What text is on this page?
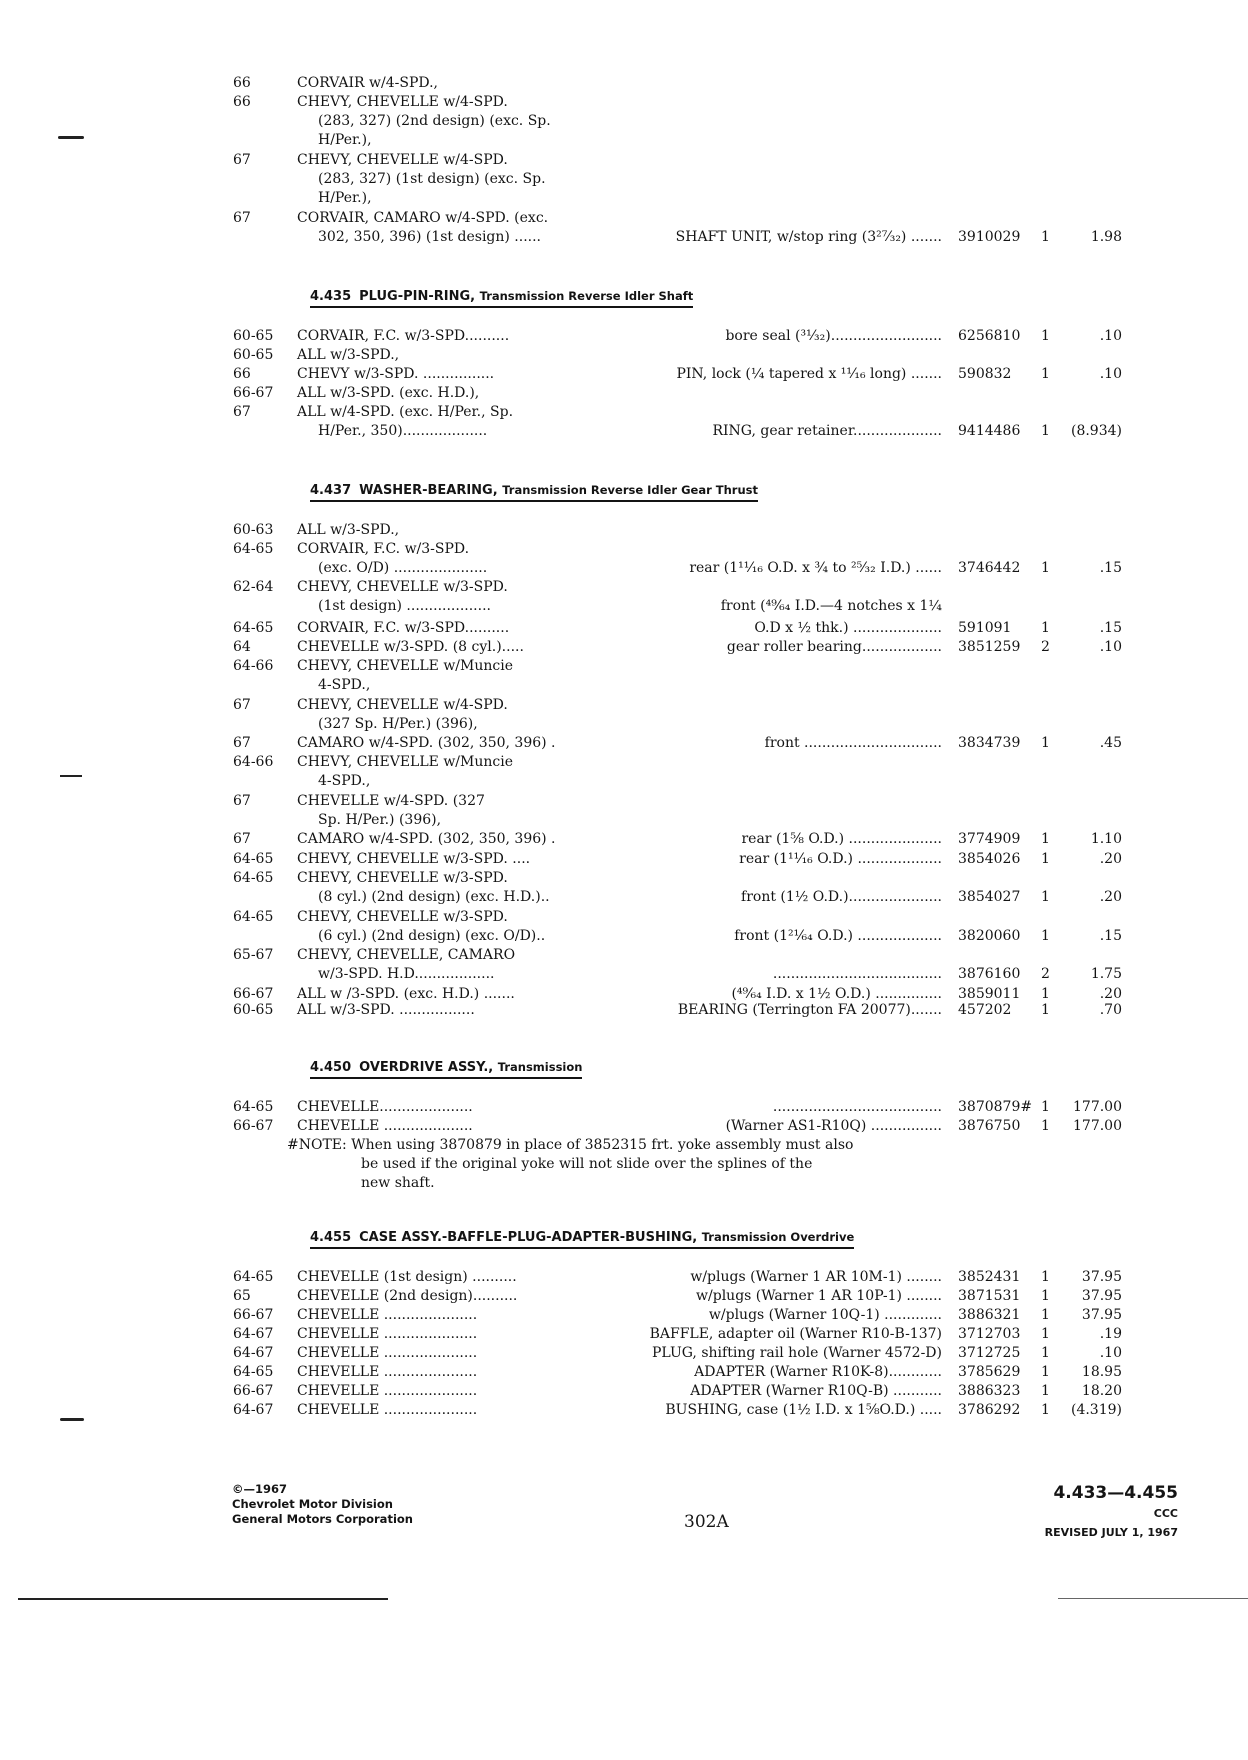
66	CORVAIR w/4-SPD.,
66	CHEVY, CHEVELLE w/4-SPD.
(283, 327) (2nd design) (exc. Sp.
H/Per.),
67	CHEVY, CHEVELLE w/4-SPD.
(283, 327) (1st design) (exc. Sp.
H/Per.),
67	CORVAIR, CAMARO w/4-SPD. (exc.
302, 350, 396) (1st design) ......	SHAFT UNIT, w/stop ring (3²⁷⁄₃₂) ....... 3910029 1	1.98
4.435 PLUG-PIN-RING, Transmission Reverse Idler Shaft
60-65 CORVAIR, F.C. w/3-SPD..........	bore seal (³¹⁄₃₂)......................... 6256810 1	.10
60-65 ALL w/3-SPD.,
66	CHEVY w/3-SPD. ................	PIN, lock (¼ tapered x ¹¹⁄₁₆ long) ....... 590832 1	.10
66-67 ALL w/3-SPD. (exc. H.D.),
67	ALL w/4-SPD. (exc. H/Per., Sp.
H/Per., 350)...................	RING, gear retainer.................... 9414486 1 (8.934)
4.437 WASHER-BEARING, Transmission Reverse Idler Gear Thrust
60-63 ALL w/3-SPD.,
64-65 CORVAIR, F.C. w/3-SPD.
(exc. O/D) .....................	rear (1¹¹⁄₁₆ O.D. x ¾ to ²⁵⁄₃₂ I.D.) ...... 3746442 1	.15
62-64 CHEVY, CHEVELLE w/3-SPD.
(1st design) ...................	front (⁴⁹⁄₆₄ I.D.—4 notches x 1¼
64-65 CORVAIR, F.C. w/3-SPD..........	O.D x ½ thk.) .................... 591091 1	.15
64	CHEVELLE w/3-SPD. (8 cyl.).....	gear roller bearing.................. 3851259 2	.10
64-66 CHEVY, CHEVELLE w/Muncie
4-SPD.,
67	CHEVY, CHEVELLE w/4-SPD.
(327 Sp. H/Per.) (396),
67	CAMARO w/4-SPD. (302, 350, 396) .	front ............................... 3834739 1	.45
64-66 CHEVY, CHEVELLE w/Muncie
4-SPD.,
67	CHEVELLE w/4-SPD. (327
Sp. H/Per.) (396),
67	CAMARO w/4-SPD. (302, 350, 396) .	rear (1⅝ O.D.) ..................... 3774909 1	1.10
64-65 CHEVY, CHEVELLE w/3-SPD. ....	rear (1¹¹⁄₁₆ O.D.) ................... 3854026 1	.20
64-65 CHEVY, CHEVELLE w/3-SPD.
(8 cyl.) (2nd design) (exc. H.D.)..	front (1½ O.D.)..................... 3854027 1	.20
64-65 CHEVY, CHEVELLE w/3-SPD.
(6 cyl.) (2nd design) (exc. O/D)..	front (1²¹⁄₆₄ O.D.) ................... 3820060 1	.15
65-67 CHEVY, CHEVELLE, CAMARO
w/3-SPD. H.D..................	...................................... 3876160 2	1.75
66-67 ALL w /3-SPD. (exc. H.D.) .......	(⁴⁹⁄₆₄ I.D. x 1½ O.D.) ............... 3859011 1	.20
60-65 ALL w/3-SPD. .................	BEARING (Terrington FA 20077)....... 457202 1	.70
4.450 OVERDRIVE ASSY., Transmission
64-65 CHEVELLE.....................	...................................... 3870879# 1 177.00
66-67 CHEVELLE ....................	(Warner AS1-R10Q) ................ 3876750 1 177.00
#NOTE: When using 3870879 in place of 3852315 frt. yoke assembly must also
be used if the original yoke will not slide over the splines of the
new shaft.
4.455 CASE ASSY.-BAFFLE-PLUG-ADAPTER-BUSHING, Transmission Overdrive
64-65 CHEVELLE (1st design) ..........	w/plugs (Warner 1 AR 10M-1) ........ 3852431 1 37.95
65	CHEVELLE (2nd design)..........	w/plugs (Warner 1 AR 10P-1) ........ 3871531 1 37.95
66-67 CHEVELLE .....................	w/plugs (Warner 10Q-1) ............. 3886321 1 37.95
64-67 CHEVELLE .....................	BAFFLE, adapter oil (Warner R10-B-137) 3712703 1	.19
64-67 CHEVELLE .....................	PLUG, shifting rail hole (Warner 4572-D) 3712725 1	.10
64-65 CHEVELLE .....................	ADAPTER (Warner R10K-8)............ 3785629 1 18.95
66-67 CHEVELLE .....................	ADAPTER (Warner R10Q-B) ........... 3886323 1 18.20
64-67 CHEVELLE .....................	BUSHING, case (1½ I.D. x 1⅝O.D.) ..... 3786292 1 (4.319)
©—1967
Chevrolet Motor Division
General Motors Corporation	302A
4.433—4.455
CCC
REVISED JULY 1, 1967
